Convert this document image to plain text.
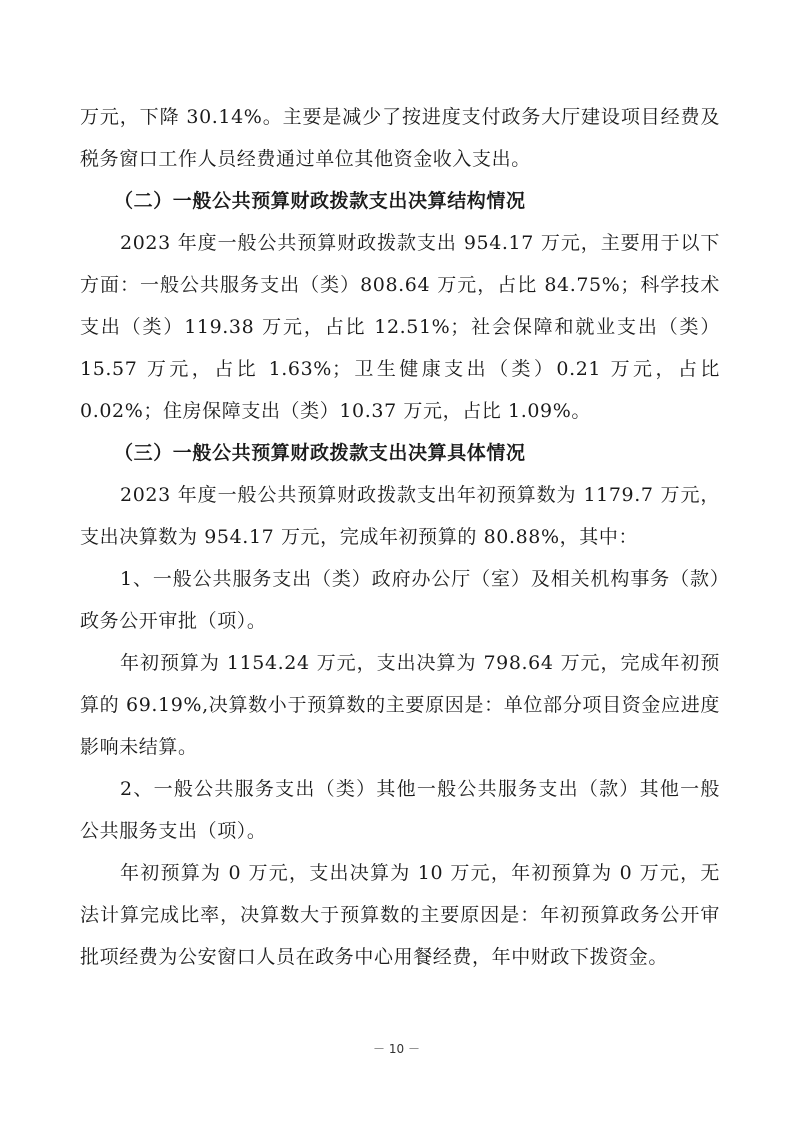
万元，下降 30.14%。主要是减少了按进度支付政务大厅建设项目经费及税务窗口工作人员经费通过单位其他资金收入支出。

（二）一般公共预算财政拨款支出决算结构情况

2023 年度一般公共预算财政拨款支出 954.17 万元，主要用于以下方面：一般公共服务支出（类）808.64 万元，占比 84.75%；科学技术支出（类）119.38 万元，占比 12.51%；社会保障和就业支出（类）15.57 万元，占比 1.63%；卫生健康支出（类）0.21 万元，占比 0.02%；住房保障支出（类）10.37 万元，占比 1.09%。

（三）一般公共预算财政拨款支出决算具体情况

2023 年度一般公共预算财政拨款支出年初预算数为 1179.7 万元，支出决算数为 954.17 万元，完成年初预算的 80.88%，其中：

1、一般公共服务支出（类）政府办公厅（室）及相关机构事务（款）政务公开审批（项）。

年初预算为 1154.24 万元，支出决算为 798.64 万元，完成年初预算的 69.19%,决算数小于预算数的主要原因是：单位部分项目资金应进度影响未结算。

2、一般公共服务支出（类）其他一般公共服务支出（款）其他一般公共服务支出（项）。

年初预算为 0 万元，支出决算为 10 万元，年初预算为 0 万元，无法计算完成比率，决算数大于预算数的主要原因是：年初预算政务公开审批项经费为公安窗口人员在政务中心用餐经费，年中财政下拨资金。

－ 10 －
